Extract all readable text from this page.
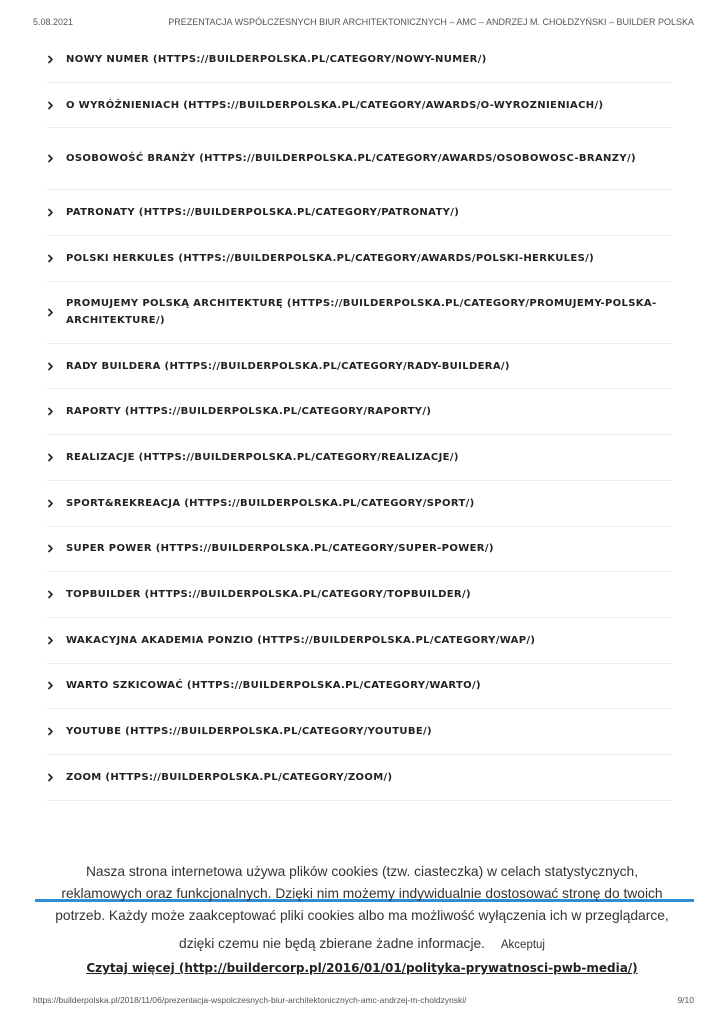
5.08.2021	PREZENTACJA WSPÓŁCZESNYCH BIUR ARCHITEKTONICZNYCH – AMC – ANDRZEJ M. CHOŁDZYŃSKI – BUILDER POLSKA
NOWY NUMER (HTTPS://BUILDERPOLSKA.PL/CATEGORY/NOWY-NUMER/)
O WYRÓŻNIENIACH (HTTPS://BUILDERPOLSKA.PL/CATEGORY/AWARDS/O-WYROZNIENIACH/)
OSOBOWOŚĆ BRANŻY (HTTPS://BUILDERPOLSKA.PL/CATEGORY/AWARDS/OSOBOWOSC-BRANZY/)
PATRONATY (HTTPS://BUILDERPOLSKA.PL/CATEGORY/PATRONATY/)
POLSKI HERKULES (HTTPS://BUILDERPOLSKA.PL/CATEGORY/AWARDS/POLSKI-HERKULES/)
PROMUJEMY POLSKĄ ARCHITEKTURĘ (HTTPS://BUILDERPOLSKA.PL/CATEGORY/PROMUJEMY-POLSKA-ARCHITEKTURE/)
RADY BUILDERA (HTTPS://BUILDERPOLSKA.PL/CATEGORY/RADY-BUILDERA/)
RAPORTY (HTTPS://BUILDERPOLSKA.PL/CATEGORY/RAPORTY/)
REALIZACJE (HTTPS://BUILDERPOLSKA.PL/CATEGORY/REALIZACJE/)
SPORT&REKREACJA (HTTPS://BUILDERPOLSKA.PL/CATEGORY/SPORT/)
SUPER POWER (HTTPS://BUILDERPOLSKA.PL/CATEGORY/SUPER-POWER/)
TOPBUILDER (HTTPS://BUILDERPOLSKA.PL/CATEGORY/TOPBUILDER/)
WAKACYJNA AKADEMIA PONZIO (HTTPS://BUILDERPOLSKA.PL/CATEGORY/WAP/)
WARTO SZKICOWAĆ (HTTPS://BUILDERPOLSKA.PL/CATEGORY/WARTO/)
YOUTUBE (HTTPS://BUILDERPOLSKA.PL/CATEGORY/YOUTUBE/)
ZOOM (HTTPS://BUILDERPOLSKA.PL/CATEGORY/ZOOM/)
Nasza strona internetowa używa plików cookies (tzw. ciasteczka) w celach statystycznych,
reklamowych oraz funkcjonalnych. Dzięki nim możemy indywidualnie dostosować stronę do twoich
potrzeb. Każdy może zaakceptować pliki cookies albo ma możliwość wyłączenia ich w przeglądarce,
dzięki czemu nie będą zbierane żadne informacje. Akceptuj
Czytaj więcej (http://buildercorp.pl/2016/01/01/polityka-prywatnosci-pwb-media/)
https://builderpolska.pl/2018/11/06/prezentacja-wspolczesnych-biur-architektonicznych-amc-andrzej-m-choldzynski/	9/10
